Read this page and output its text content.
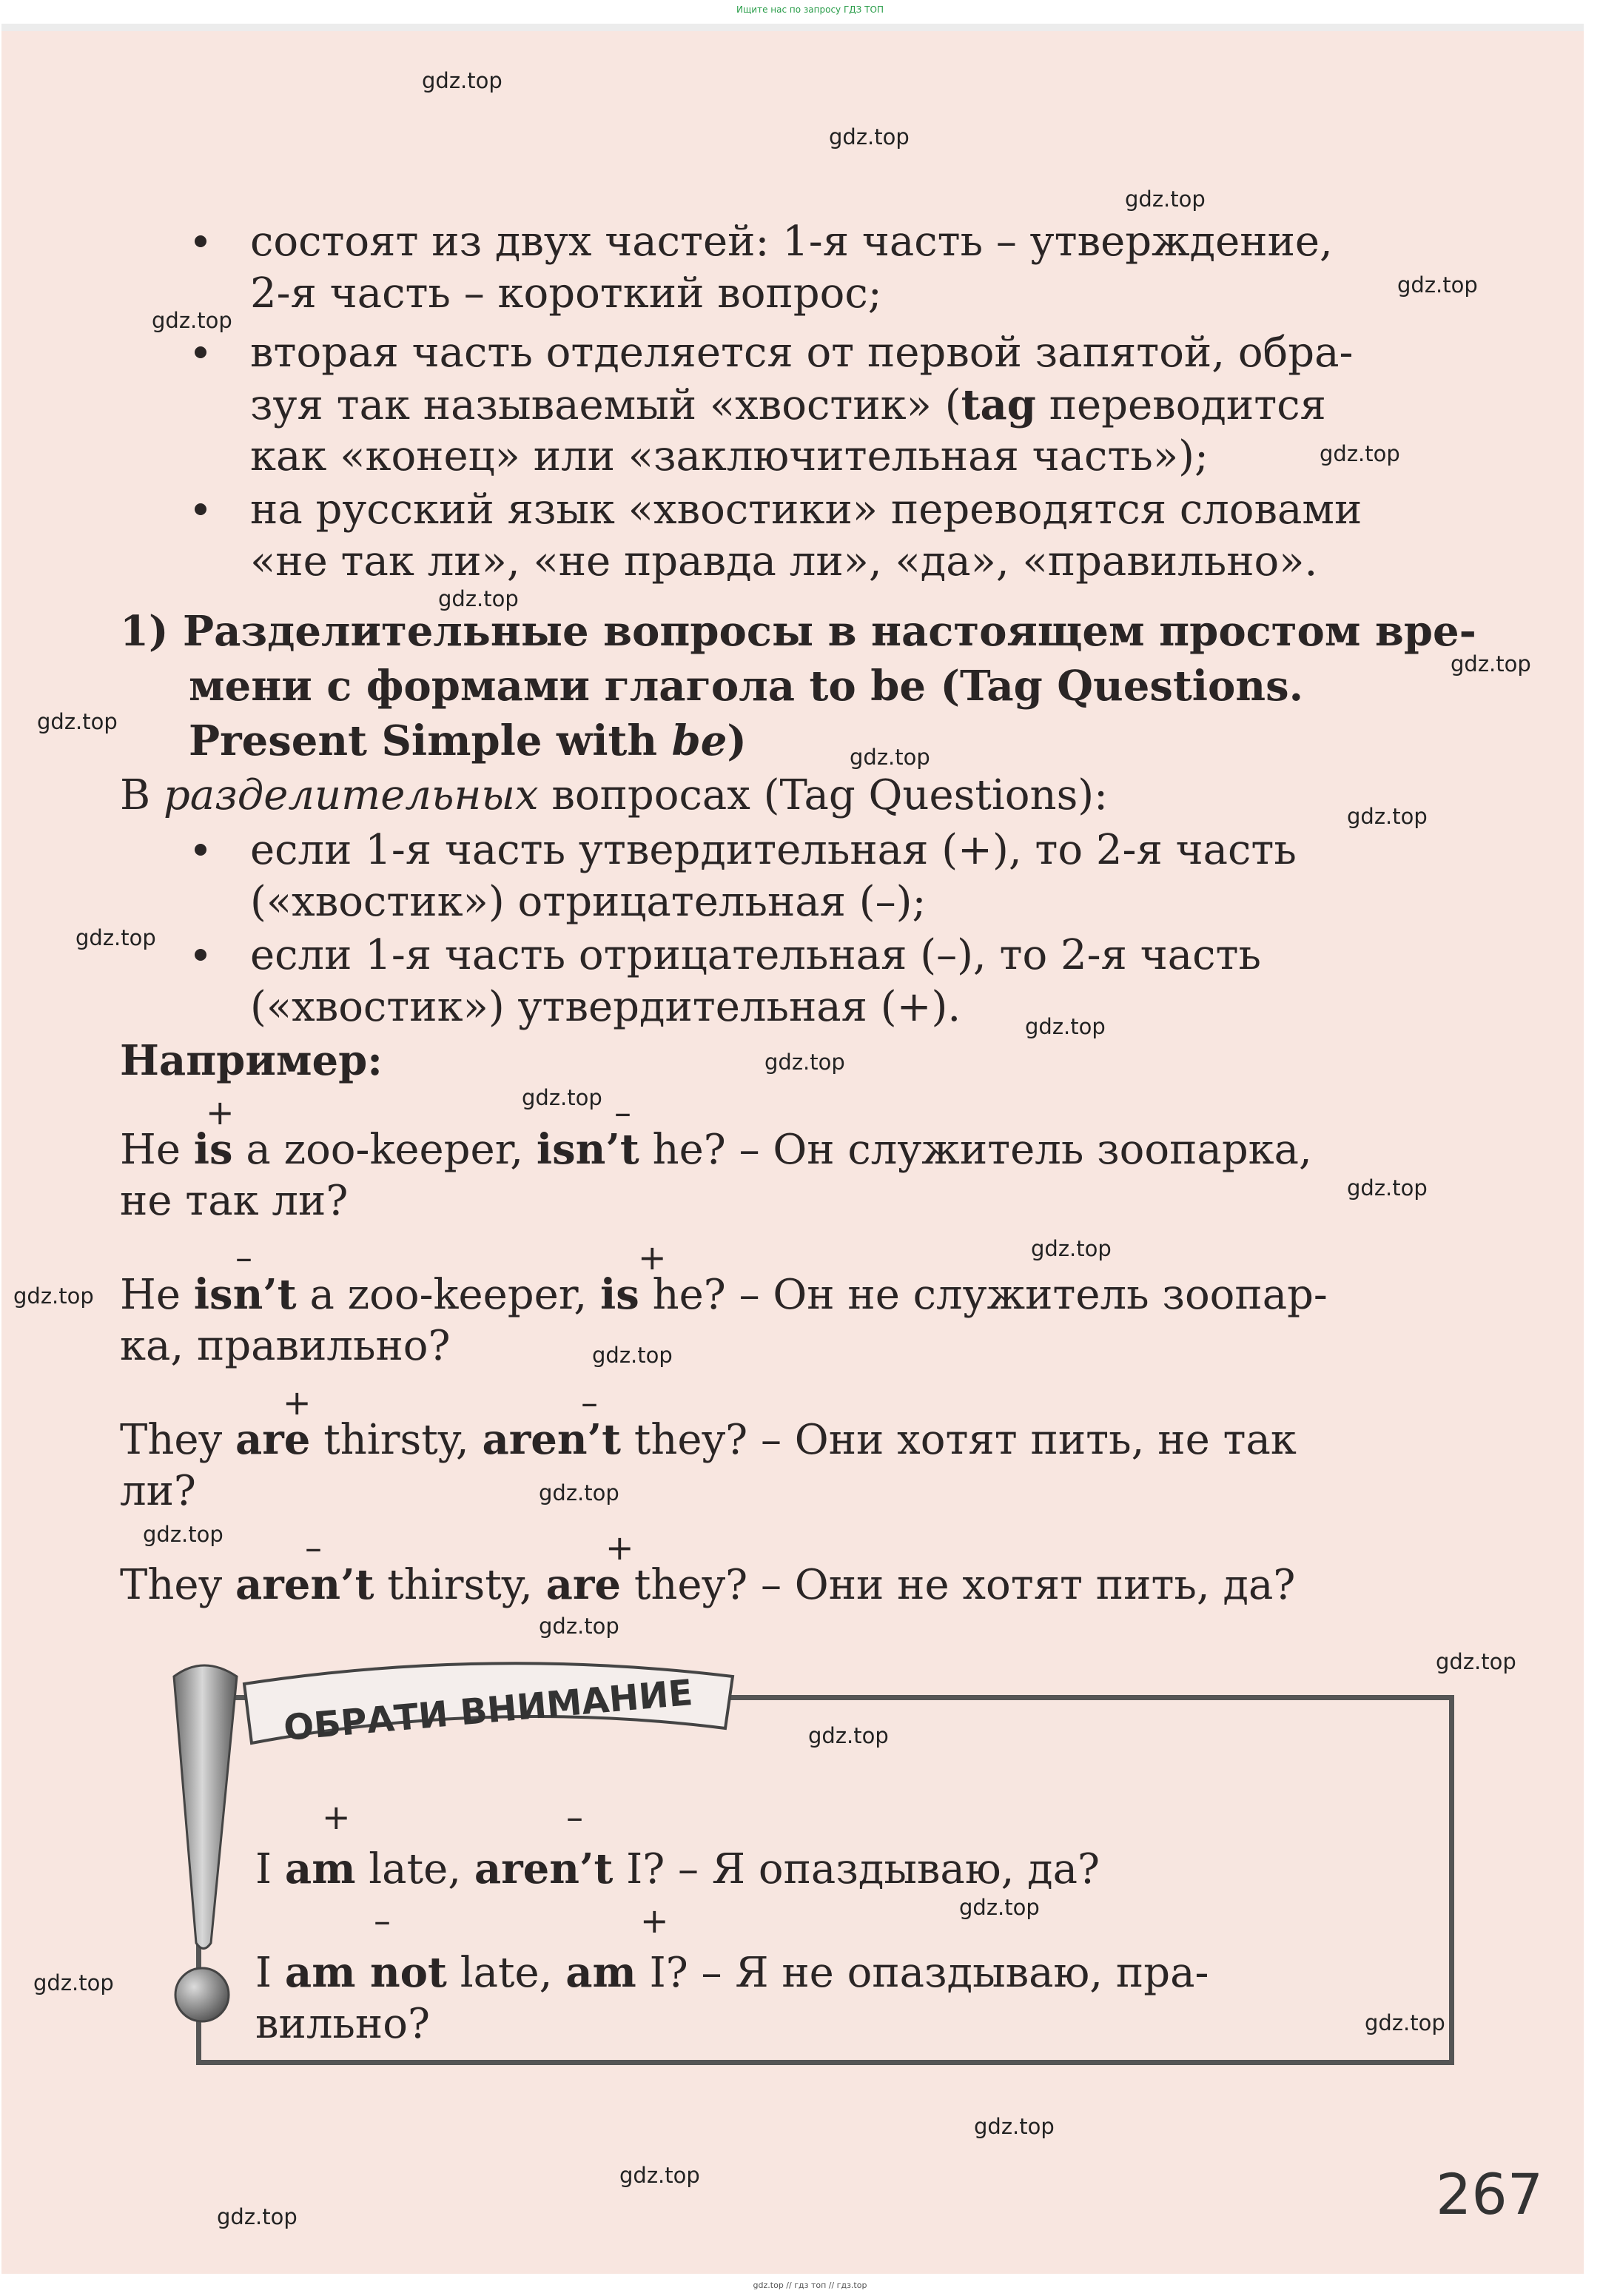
Ищите нас по запросу ГДЗ ТОП
состоят из двух частей: 1-я часть – утверждение,
2-я часть – короткий вопрос;
вторая часть отделяется от первой запятой, обра-
зуя так называемый «хвостик» (tag переводится
как «конец» или «заключительная часть»);
на русский язык «хвостики» переводятся словами
«не так ли», «не правда ли», «да», «правильно».
1) Разделительные вопросы в настоящем простом вре-
мени с формами глагола to be (Tag Questions.
Present Simple with be)
В разделительных вопросах (Tag Questions):
если 1-я часть утвердительная (+), то 2-я часть
(«хвостик») отрицательная (–);
если 1-я часть отрицательная (–), то 2-я часть
(«хвостик») утвердительная (+).
Например:
+	–
He is a zoo-keeper, isn’t he? – Он служитель зоопарка,
не так ли?
–	+
He isn’t a zoo-keeper, is he? – Он не служитель зоопар-
ка, правильно?
+	–
They are thirsty, aren’t they? – Они хотят пить, не так
ли?
–	+
They aren’t thirsty, are they? – Они не хотят пить, да?
ОБРАТИ ВНИМАНИЕ
+	–
I am late, aren’t I? – Я опаздываю, да?
–	+
I am not late, am I? – Я не опаздываю, пра-
вильно?
267
gdz.top
gdz.top
gdz.top
gdz.top
gdz.top
gdz.top
gdz.top
gdz.top
gdz.top
gdz.top
gdz.top
gdz.top
gdz.top
gdz.top
gdz.top
gdz.top
gdz.top
gdz.top
gdz.top
gdz.top
gdz.top
gdz.top
gdz.top
gdz.top
gdz.top
gdz.top
gdz.top
gdz.top
gdz.top
gdz.top
gdz.top // гдз топ // гдз.top
